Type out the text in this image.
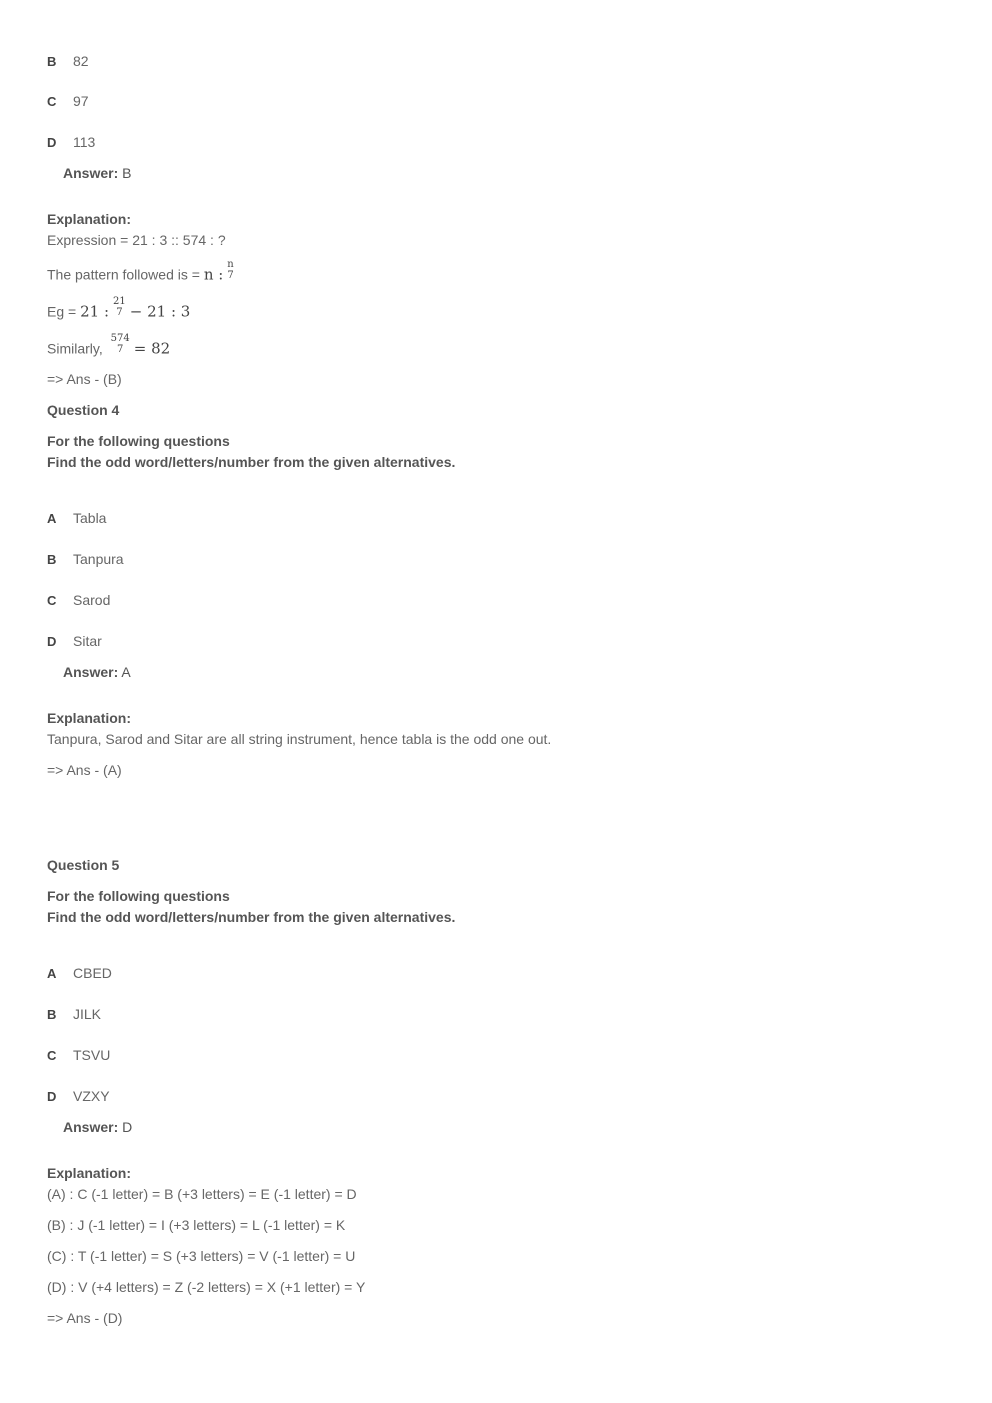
B 82
C 97
D 113
Answer: B
Explanation:
Expression = 21 : 3 :: 574 : ?
The pattern followed is = n :
n
7
Eg = 21 :
21
7 − 21 : 3
Similarly,
574
7 = 82
=> Ans - (B)
Question 4
For the following questions
Find the odd word/letters/number from the given alternatives.
A Tabla
B Tanpura
C Sarod
D Sitar
Answer: A
Explanation:
Tanpura, Sarod and Sitar are all string instrument, hence tabla is the odd one out.
=> Ans - (A)
Question 5
For the following questions
Find the odd word/letters/number from the given alternatives.
A CBED
B JILK
C TSVU
D VZXY
Answer: D
Explanation:
(A) : C (-1 letter) = B (+3 letters) = E (-1 letter) = D
(B) : J (-1 letter) = I (+3 letters) = L (-1 letter) = K
(C) : T (-1 letter) = S (+3 letters) = V (-1 letter) = U
(D) : V (+4 letters) = Z (-2 letters) = X (+1 letter) = Y
=> Ans - (D)
